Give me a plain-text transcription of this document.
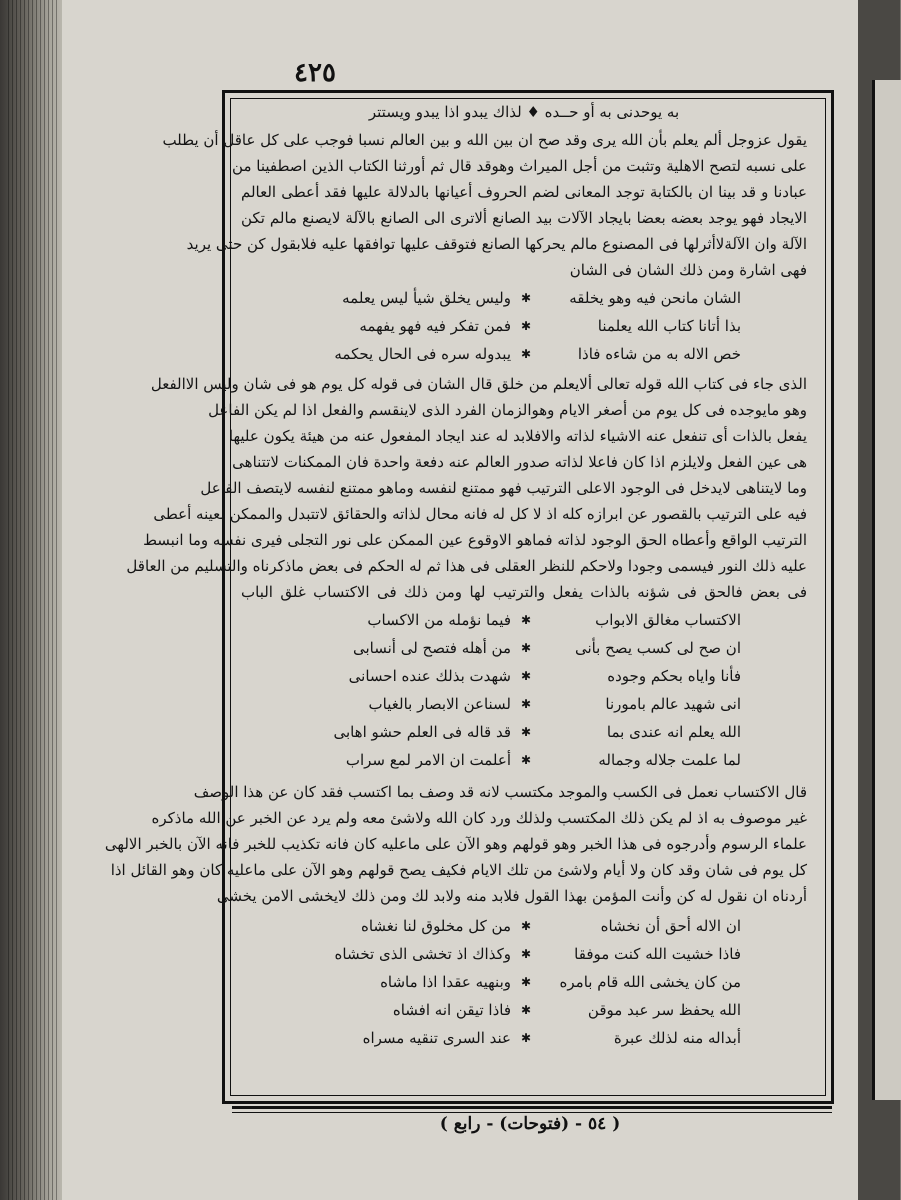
٤٢٥
به يوحدنى به أو حــده ♦ لذاك يبدو اذا يبدو ويستتر
يقول عزوجل ألم يعلم بأن الله يرى وقد صح ان بين الله و بين العالم نسبا فوجب على كل عاقل أن يطلب
على نسبه لتصح الاهلية وتثبت من أجل الميراث وهوقد قال ثم أورثنا الكتاب الذين اصطفينا من
عبادنا و قد بينا ان بالكتابة توجد المعانى لضم الحروف أعيانها بالدلالة عليها فقد أعطى العالم
الايجاد فهو يوجد بعضه بعضا بايجاد الآلات بيد الصانع ألاترى الى الصانع بالآلة لايصنع مالم تكن
الآلة وان الآلةلاأثرلها فى المصنوع مالم يحركها الصانع فتوقف عليها توافقها عليه فلابقول كن حتى يريد
فهى اشارة ومن ذلك الشان فى الشان
الشان مانحن فيه وهو يخلقه
✱
وليس يخلق شيأ ليس يعلمه
بذا أتانا كتاب الله يعلمنا
✱
فمن تفكر فيه فهو يفهمه
خص الاله به من شاءه فاذا
✱
يبدوله سره فى الحال يحكمه
الذى جاء فى كتاب الله قوله تعالى ألايعلم من خلق قال الشان فى قوله كل يوم هو فى شان وليس الاالفعل
وهو مايوجده فى كل يوم من أصغر الايام وهوالزمان الفرد الذى لاينقسم والفعل اذا لم يكن الفاعل
يفعل بالذات أى تنفعل عنه الاشياء لذاته والافلابد له عند ايجاد المفعول عنه من هيئة يكون عليها
هى عين الفعل ولايلزم اذا كان فاعلا لذاته صدور العالم عنه دفعة واحدة فان الممكنات لاتتناهى
وما لايتناهى لايدخل فى الوجود الاعلى الترتيب فهو ممتنع لنفسه وماهو ممتنع لنفسه لايتصف الفاعل
فيه على الترتيب بالقصور عن ابرازه كله اذ لا كل له فانه محال لذاته والحقائق لاتتبدل والممكن لعينه أعطى
الترتيب الواقع وأعطاه الحق الوجود لذاته فماهو الاوقوع عين الممكن على نور التجلى فيرى نفسه وما انبسط
عليه ذلك النور فيسمى وجودا ولاحكم للنظر العقلى فى هذا ثم له الحكم فى بعض ماذكرناه والتسليم من العاقل
فى بعض فالحق فى شؤنه بالذات يفعل والترتيب لها ومن ذلك فى الاكتساب غلق الباب
الاكتساب مغالق الابواب
✱
فيما نؤمله من الاكساب
ان صح لى كسب يصح بأنى
✱
من أهله فتصح لى أنسابى
فأنا واياه بحكم وجوده
✱
شهدت بذلك عنده احسانى
انى شهيد عالم بامورنا
✱
لسناعن الابصار بالغياب
الله يعلم انه عندى بما
✱
قد قاله فى العلم حشو اهابى
لما علمت جلاله وجماله
✱
أعلمت ان الامر لمع سراب
قال الاكتساب نعمل فى الكسب والموجد مكتسب لانه قد وصف بما اكتسب فقد كان عن هذا الوصف
غير موصوف به اذ لم يكن ذلك المكتسب ولذلك ورد كان الله ولاشئ معه ولم يرد عن الخبر عن الله ماذكره
علماء الرسوم وأدرجوه فى هذا الخبر وهو قولهم وهو الآن على ماعليه كان فانه تكذيب للخبر فانه الآن بالخبر الالهى
كل يوم فى شان وقد كان ولا أيام ولاشئ من تلك الايام فكيف يصح قولهم وهو الآن على ماعليه كان وهو القائل اذا
أردناه ان نقول له كن وأنت المؤمن بهذا القول فلابد منه ولابد لك ومن ذلك لايخشى الامن يخشى
ان الاله أحق أن نخشاه
✱
من كل مخلوق لنا نغشاه
فاذا خشيت الله كنت موفقا
✱
وكذاك اذ تخشى الذى تخشاه
من كان يخشى الله قام بامره
✱
وبنهيه عقدا اذا ماشاه
الله يحفظ سر عبد موقن
✱
فاذا تيقن انه افشاه
أبداله منه لذلك عبرة
✱
عند السرى تنقيه مسراه
( ٥٤ - (فتوحات) - رابع )
